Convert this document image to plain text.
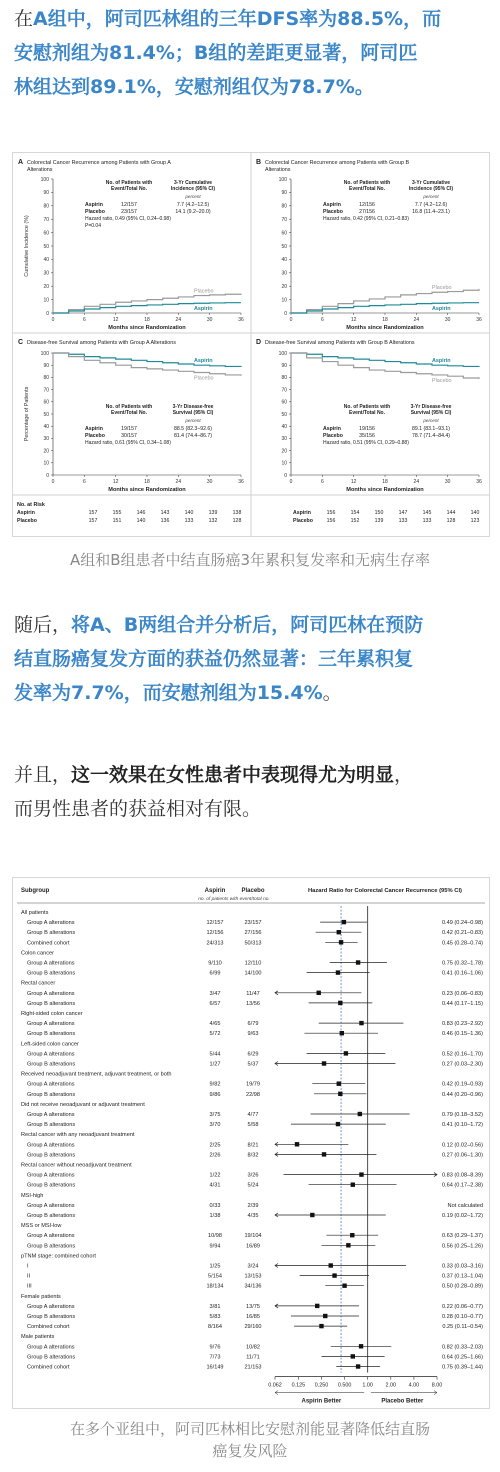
在A组中，阿司匹林组的三年DFS率为88.5%，而
安慰剂组为81.4%；B组的差距更显著，阿司匹
林组达到89.1%，安慰剂组仅为78.7%。
A Colorectal Cancer Recurrence among Patients with Group A
Alterations
100
90
80
70
60
50
40
30
20
10
0
0	6	12	18	24	30	36
Months since Randomization
Cumulative Incidence (%)
No. of Patients with
Event/Total No.
3-Yr Cumulative
Incidence (95% CI)
percent
Aspirin	12/157	7.7 (4.2–12.5)
Placebo	23/157	14.1 (9.2–20.0)
Hazard ratio, 0.49 (95% CI, 0.24–0.98)
P=0.04
Placebo
Aspirin
B Colorectal Cancer Recurrence among Patients with Group B
Alterations
100
90
80
70
60
50
40
30
20
10
0
0	6	12	18	24	30	36
Months since Randomization
No. of Patients with
Event/Total No.
3-Yr Cumulative
Incidence (95% CI)
percent
Aspirin	12/156	7.7 (4.2–12.6)
Placebo	27/156	16.8 (11.4–23.1)
Hazard ratio, 0.42 (95% CI, 0.21–0.83)
Placebo
Aspirin
C Disease-free Survival among Patients with Group A Alterations
100
90
80
70
60
50
40
30
20
10
0
0	6	12	18	24	30	36
Months since Randomization
Percentage of Patients	No. of Patients with
Event/Total No.
3-Yr Disease-free
Survival (95% CI)
percent
Aspirin	19/157	88.5 (82.3–92.6)
Placebo	30/157	81.4 (74.4–86.7)
Hazard ratio, 0.61 (95% CI, 0.34–1.08)
Aspirin
Placebo
D Disease-free Survival among Patients with Group B Alterations
100
90
80
70
60
50
40
30
20
10
0
0	6	12	18	24	30	36
Months since Randomization
No. of Patients with
Event/Total No.
3-Yr Disease-free
Survival (95% CI)
percent
Aspirin	19/156	89.1 (83.1–93.1)
Placebo	35/156	78.7 (71.4–84.4)
Hazard ratio, 0.51 (95% CI, 0.29–0.88)
Aspirin
Placebo
No. at Risk
Aspirin	157	155	146	143	140	139	138	156	154	150	147	145	144	140
Placebo	157	151	140	136	133	132	128	156	152	139	133	133	128	123
Aspirin
Placebo
A组和B组患者中结直肠癌3年累积复发率和无病生存率
随后，将A、B两组合并分析后，阿司匹林在预防
结直肠癌复发方面的获益仍然显著：三年累积复
发率为7.7%，而安慰剂组为15.4%。
并且，这一效果在女性患者中表现得尤为明显，
而男性患者的获益相对有限。
Subgroup	Aspirin	Placebo	Hazard Ratio for Colorectal Cancer Recurrence (95% CI)
no. of patients with event/total no.
All patients
Group A alterations	12/157	23/157	0.49 (0.24–0.98)
Group B alterations	12/156	27/156	0.42 (0.21–0.83)
Combined cohort	24/313	50/313	0.45 (0.28–0.74)
Colon cancer
Group A alterations	9/110	12/110	0.75 (0.32–1.78)
Group B alterations	6/99	14/100	0.41 (0.16–1.06)
Rectal cancer
Group A alterations	3/47	11/47	0.23 (0.06–0.83)
Group B alterations	6/57	13/56	0.44 (0.17–1.15)
Right-sided colon cancer
Group A alterations	4/65	6/79	0.83 (0.23–2.92)
Group B alterations	5/72	9/63	0.46 (0.15–1.36)
Left-sided colon cancer
Group A alterations	5/44	6/29	0.52 (0.16–1.70)
Group B alterations	1/27	5/37	0.27 (0.03–2.30)
Received neoadjuvant treatment, adjuvant treatment, or both
Group A alterations	9/82	19/79	0.42 (0.19–0.93)
Group B alterations	9/86	22/98	0.44 (0.20–0.96)
Did not receive neoadjuvant or adjuvant treatment
Group A alterations	3/75	4/77	0.79 (0.18–3.52)
Group B alterations	3/70	5/58	0.41 (0.10–1.72)
Rectal cancer with any neoadjuvant treatment
Group A alterations	2/25	8/21	0.12 (0.02–0.56)
Group B alterations	2/26	8/32	0.27 (0.06–1.30)
Rectal cancer without neoadjuvant treatment
Group A alterations	1/22	3/26	0.83 (0.08–8.39)
Group B alterations	4/31	5/24	0.64 (0.17–2.38)
MSI-high
Group A alterations	0/33	2/39	Not calculated
Group B alterations	1/38	4/35	0.19 (0.02–1.72)
MSS or MSI-low
Group A alterations	10/98	19/104	0.63 (0.29–1.37)
Group B alterations	9/94	16/89	0.56 (0.25–1.26)
pTNM stage: combined cohort
I	1/25	3/24	0.33 (0.03–3.16)
II	5/154	13/153	0.37 (0.13–1.04)
III	18/134	34/136	0.50 (0.28–0.89)
Female patients
Group A alterations	3/81	13/75	0.22 (0.06–0.77)
Group B alterations	5/83	16/85	0.28 (0.10–0.77)
Combined cohort	8/164	29/160	0.25 (0.11–0.54)
Male patients
Group A alterations	9/76	10/82	0.82 (0.33–2.03)
Group B alterations	7/73	11/71	0.64 (0.25–1.66)
Combined cohort	16/149	21/153	0.75 (0.39–1.44)
0.062 0.125 0.250 0.500 1.00 2.00 4.00 8.00
Aspirin Better	Placebo Better
在多个亚组中，阿司匹林相比安慰剂能显著降低结直肠
癌复发风险
